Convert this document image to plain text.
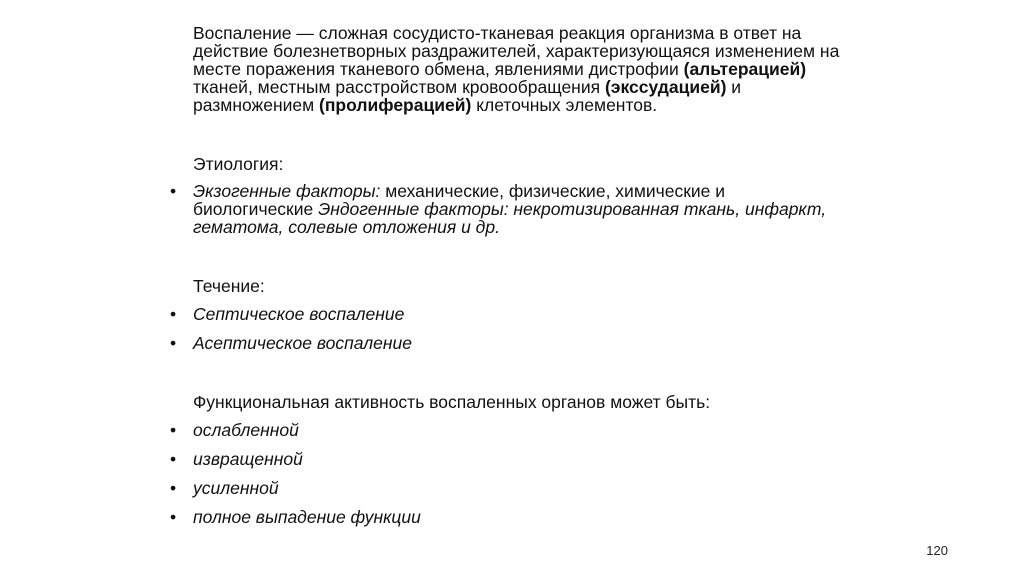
Воспаление — сложная сосудисто-тканевая реакция организма в ответ на действие болезнетворных раздражителей, характеризующаяся изменением на месте поражения тканевого обмена, явлениями дистрофии (альтерацией) тканей, местным расстройством кровообращения (экссудацией) и размножением (пролиферацией) клеточных элементов.

Этиология:

• Экзогенные факторы: механические, физические, химические и биологические Эндогенные факторы: некротизированная ткань, инфаркт, гематома, солевые отложения и др.

Течение:

• Септическое воспаление
• Асептическое воспаление

Функциональная активность воспаленных органов может быть:

• ослабленной
• извращенной
• усиленной
• полное выпадение функции
120
